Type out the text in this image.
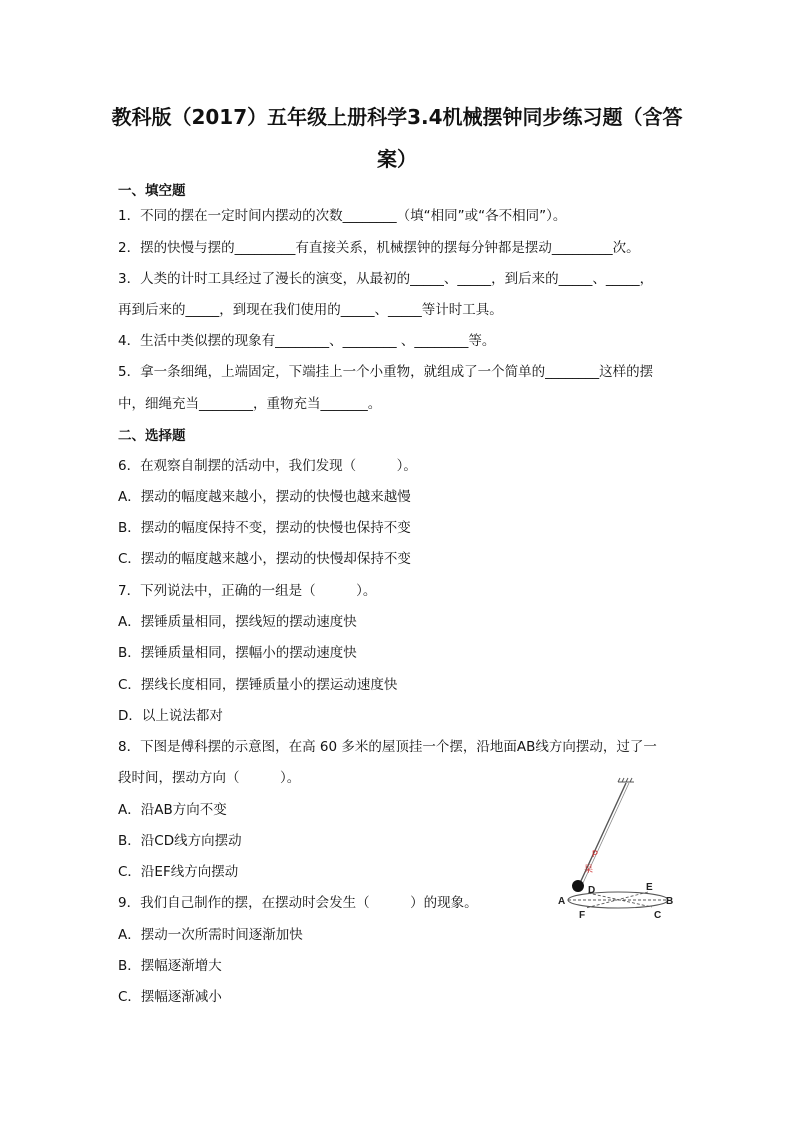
教科版（2017）五年级上册科学3.4机械摆钟同步练习题（含答
案）
一、填空题
1．不同的摆在一定时间内摆动的次数________（填“相同”或“各不相同”）。
2．摆的快慢与摆的_________有直接关系，机械摆钟的摆每分钟都是摆动_________次。
3．人类的计时工具经过了漫长的演变，从最初的_____、_____，到后来的_____、_____，
再到后来的_____，到现在我们使用的_____、_____等计时工具。
4．生活中类似摆的现象有________、________ 、________等。
5．拿一条细绳，上端固定，下端挂上一个小重物，就组成了一个简单的________这样的摆
中，细绳充当________，重物充当_______。
二、选择题
6．在观察自制摆的活动中，我们发现（　　　）。
A．摆动的幅度越来越小，摆动的快慢也越来越慢
B．摆动的幅度保持不变，摆动的快慢也保持不变
C．摆动的幅度越来越小，摆动的快慢却保持不变
7．下列说法中，正确的一组是（　　　）。
A．摆锤质量相同，摆线短的摆动速度快
B．摆锤质量相同，摆幅小的摆动速度快
C．摆线长度相同，摆锤质量小的摆运动速度快
D．以上说法都对
8．下图是傅科摆的示意图，在高 60 多米的屋顶挂一个摆，沿地面AB线方向摆动，过了一
段时间，摆动方向（　　　）。
A．沿AB方向不变
B．沿CD线方向摆动
C．沿EF线方向摆动
9．我们自己制作的摆，在摆动时会发生（　　　）的现象。
A．摆动一次所需时间逐渐加快
B．摆幅逐渐增大
C．摆幅逐渐减小
P
杲
A	B
C
D	E
F
